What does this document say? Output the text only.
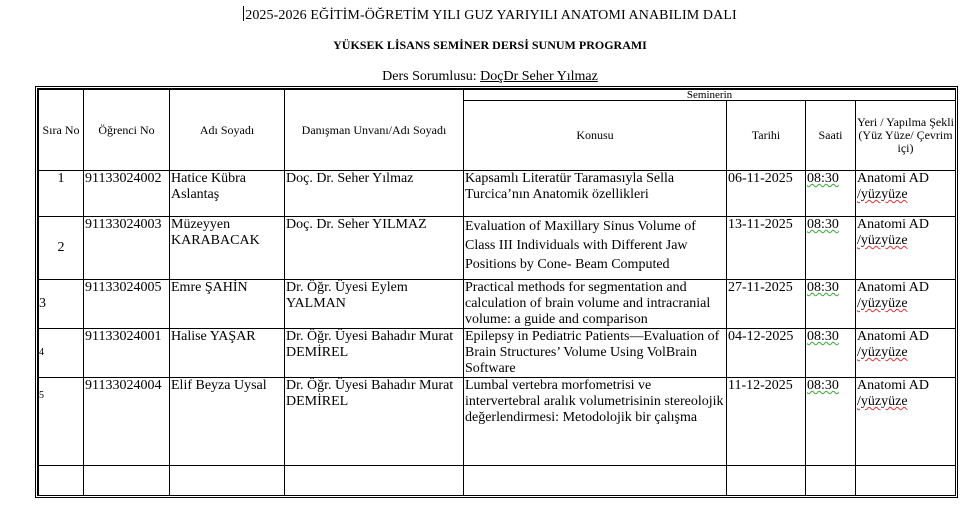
2025-2026 EĞİTİM-ÖĞRETİM YILI GUZ YARIYILI ANATOMI ANABILIM DALI
YÜKSEK LİSANS SEMİNER DERSİ SUNUM PROGRAMI
Ders Sorumlusu: DoçDr Seher Yılmaz
Sıra No	Öğrenci No	Adı Soyadı	Danışman Unvanı/Adı Soyadı	Seminerin			
				Konusu	Tarihi	Saati	Yeri / Yapılma Şekli (Yüz Yüze/ Çevrim içi)
1	91133024002	Hatice Kübra Aslantaş	Doç. Dr. Seher Yılmaz	Kapsamlı Literatür Taramasıyla Sella Turcica’nın Anatomik özellikleri	06-11-2025	08:30	Anatomi AD
/yüzyüze

2	91133024003	Müzeyyen KARABACAK	Doç. Dr. Seher YILMAZ	Evaluation of Maxillary Sinus Volume of Class III Individuals with Different Jaw Positions by Cone- Beam Computed	13-11-2025	08:30	Anatomi AD
/yüzyüze

3	91133024005	Emre ŞAHİN	Dr. Öğr. Üyesi Eylem YALMAN	Practical methods for segmentation and calculation of brain volume and intracranial volume: a guide and comparison	27-11-2025	08:30	Anatomi AD
/yüzyüze

4	91133024001	Halise YAŞAR	Dr. Öğr. Üyesi Bahadır Murat DEMİREL	Epilepsy in Pediatric Patients—Evaluation of Brain Structures’ Volume Using VolBrain Software	04-12-2025	08:30	Anatomi AD
/yüzyüze

5	91133024004	Elif Beyza Uysal	Dr. Öğr. Üyesi Bahadır Murat DEMİREL	Lumbal vertebra morfometrisi ve intervertebral aralık volumetrisinin stereolojik değerlendirmesi: Metodolojik bir çalışma	11-12-2025	08:30	Anatomi AD
/yüzyüze
